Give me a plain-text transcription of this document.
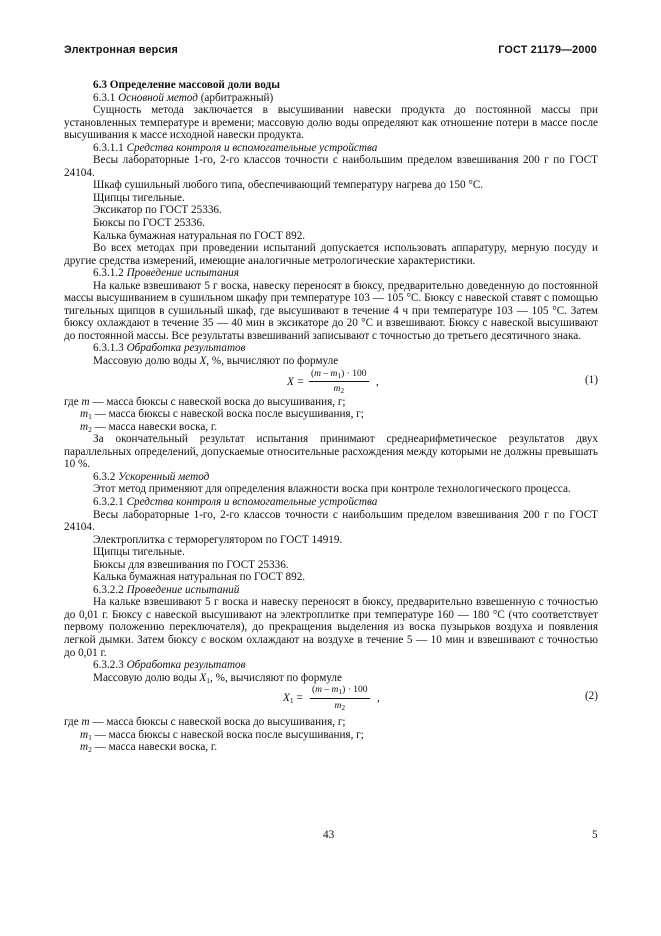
Электронная версия	ГОСТ 21179—2000

6.3 Определение массовой доли воды

6.3.1 Основной метод (арбитражный)

Сущность метода заключается в высушивании навески продукта до постоянной массы при установленных температуре и времени; массовую долю воды определяют как отношение потери в массе после высушивания к массе исходной навески продукта.

6.3.1.1 Средства контроля и вспомогательные устройства

Весы лабораторные 1-го, 2-го классов точности с наибольшим пределом взвешивания 200 г по ГОСТ 24104.

Шкаф сушильный любого типа, обеспечивающий температуру нагрева до 150 °С.

Щипцы тигельные.

Эксикатор по ГОСТ 25336.

Бюксы по ГОСТ 25336.

Калька бумажная натуральная по ГОСТ 892.

Во всех методах при проведении испытаний допускается использовать аппаратуру, мерную посуду и другие средства измерений, имеющие аналогичные метрологические характеристики.

6.3.1.2 Проведение испытания

На кальке взвешивают 5 г воска, навеску переносят в бюксу, предварительно доведенную до постоянной массы высушиванием в сушильном шкафу при температуре 103 — 105 °С. Бюксу с навеской ставят с помощью тигельных щипцов в сушильный шкаф, где высушивают в течение 4 ч при температуре 103 — 105 °С. Затем бюксу охлаждают в течение 35 — 40 мин в эксикаторе до 20 °С и взвешивают. Бюксу с навеской высушивают до постоянной массы. Все результаты взвешиваний записывают с точностью до третьего десятичного знака.

6.3.1.3 Обработка результатов

Массовую долю воды X, %, вычисляют по формуле

$X = \frac{(m - m_1) \cdot 100}{m_2}$ ,	(1)

где m — масса бюксы с навеской воска до высушивания, г;

$m_1$ — масса бюксы с навеской воска после высушивания, г;

$m_2$ — масса навески воска, г.

За окончательный результат испытания принимают среднеарифметическое результатов двух параллельных определений, допускаемые относительные расхождения между которыми не должны превышать 10 %.

6.3.2 Ускоренный метод

Этот метод применяют для определения влажности воска при контроле технологического процесса.

6.3.2.1 Средства контроля и вспомогательные устройства

Весы лабораторные 1-го, 2-го классов точности с наибольшим пределом взвешивания 200 г по ГОСТ 24104.

Электроплитка с терморегулятором по ГОСТ 14919.

Щипцы тигельные.

Бюксы для взвешивания по ГОСТ 25336.

Калька бумажная натуральная по ГОСТ 892.

6.3.2.2 Проведение испытаний

На кальке взвешивают 5 г воска и навеску переносят в бюксу, предварительно взвешенную с точностью до 0,01 г. Бюксу с навеской высушивают на электроплитке при температуре 160 — 180 °С (что соответствует первому положению переключателя), до прекращения выделения из воска пузырьков воздуха и появления легкой дымки. Затем бюксу с воском охлаждают на воздухе в течение 5 — 10 мин и взвешивают с точностью до 0,01 г.

6.3.2.3 Обработка результатов

Массовую долю воды $X_1$, %, вычисляют по формуле

$X_1 = \frac{(m - m_1) \cdot 100}{m_2}$ ,	(2)

где m — масса бюксы с навеской воска до высушивания, г;

$m_1$ — масса бюксы с навеской воска после высушивания, г;

$m_2$ — масса навески воска, г.

43	5
